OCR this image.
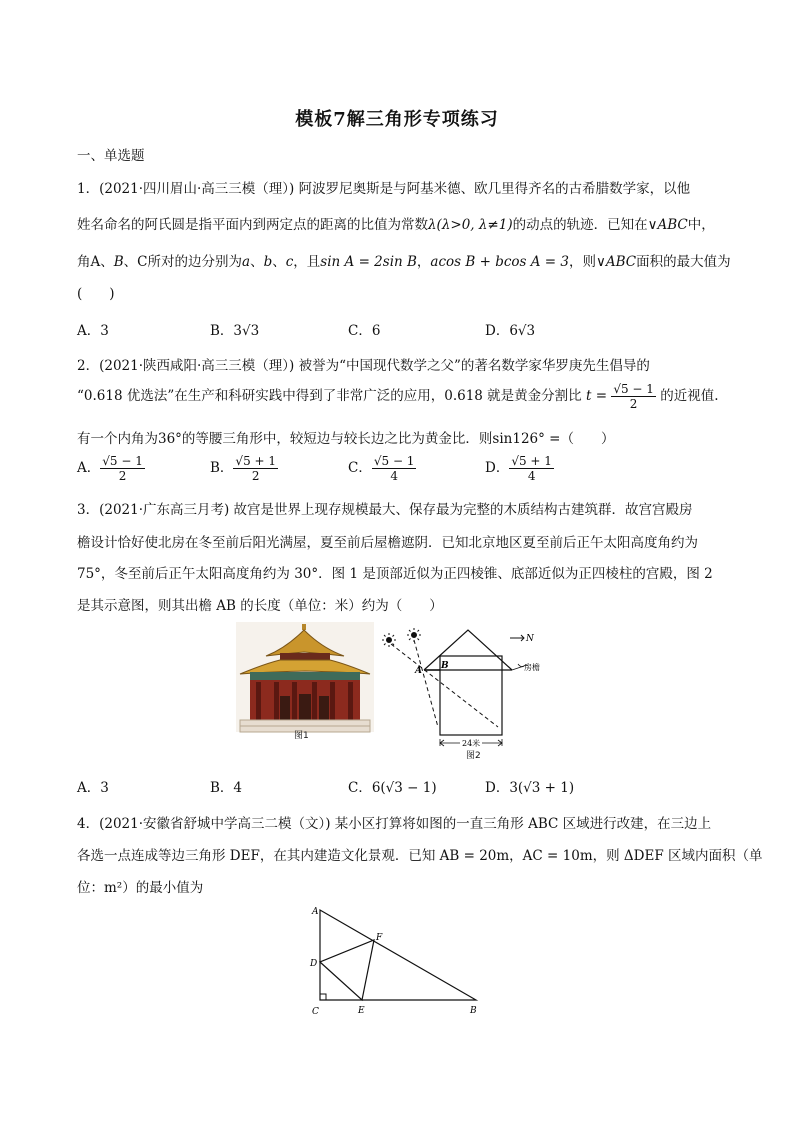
模板7解三角形专项练习
一、单选题
1．(2021·四川眉山·高三三模（理）) 阿波罗尼奥斯是与阿基米德、欧几里得齐名的古希腊数学家，以他
姓名命名的阿氏圆是指平面内到两定点的距离的比值为常数λ(λ>0, λ≠1)的动点的轨迹．已知在∨ABC中，
角A、B、C所对的边分别为a、b、c，且sin A = 2sin B，acos B + bcos A = 3，则∨ABC面积的最大值为
(　　)
A．3	B．3√3	C．6	D．6√3
2．(2021·陕西咸阳·高三三模（理）) 被誉为“中国现代数学之父”的著名数学家华罗庚先生倡导的
“0.618 优选法”在生产和科研实践中得到了非常广泛的应用，0.618 就是黄金分割比 $t = \frac{√5 - 1}{2}$ 的近视值.
有一个内角为36°的等腰三角形中，较短边与较长边之比为黄金比．则sin126° =（　　）
A． $\frac{√5 - 1}{2}$	B． $\frac{√5 + 1}{2}$	C． $\frac{√5 - 1}{4}$	D． $\frac{√5 + 1}{4}$
3．(2021·广东高三月考) 故宫是世界上现存规模最大、保存最为完整的木质结构古建筑群．故宫宫殿房
檐设计恰好使北房在冬至前后阳光满屋，夏至前后屋檐遮阴．已知北京地区夏至前后正午太阳高度角约为
75°，冬至前后正午太阳高度角约为 30°．图 1 是顶部近似为正四棱锥、底部近似为正四棱柱的宫殿，图 2
是其示意图，则其出檐 AB 的长度（单位：米）约为（　　）
图1
N
房檐
A B
24米
图2
A．3	B．4	C．6(√3 − 1)	D．3(√3 + 1)
4．(2021·安徽省舒城中学高三二模（文）) 某小区打算将如图的一直三角形 ABC 区域进行改建，在三边上
各选一点连成等边三角形 DEF，在其内建造文化景观．已知 AB = 20m，AC = 10m，则 ΔDEF 区域内面积（单
位：m²）的最小值为
A
C	B
D
E
F
